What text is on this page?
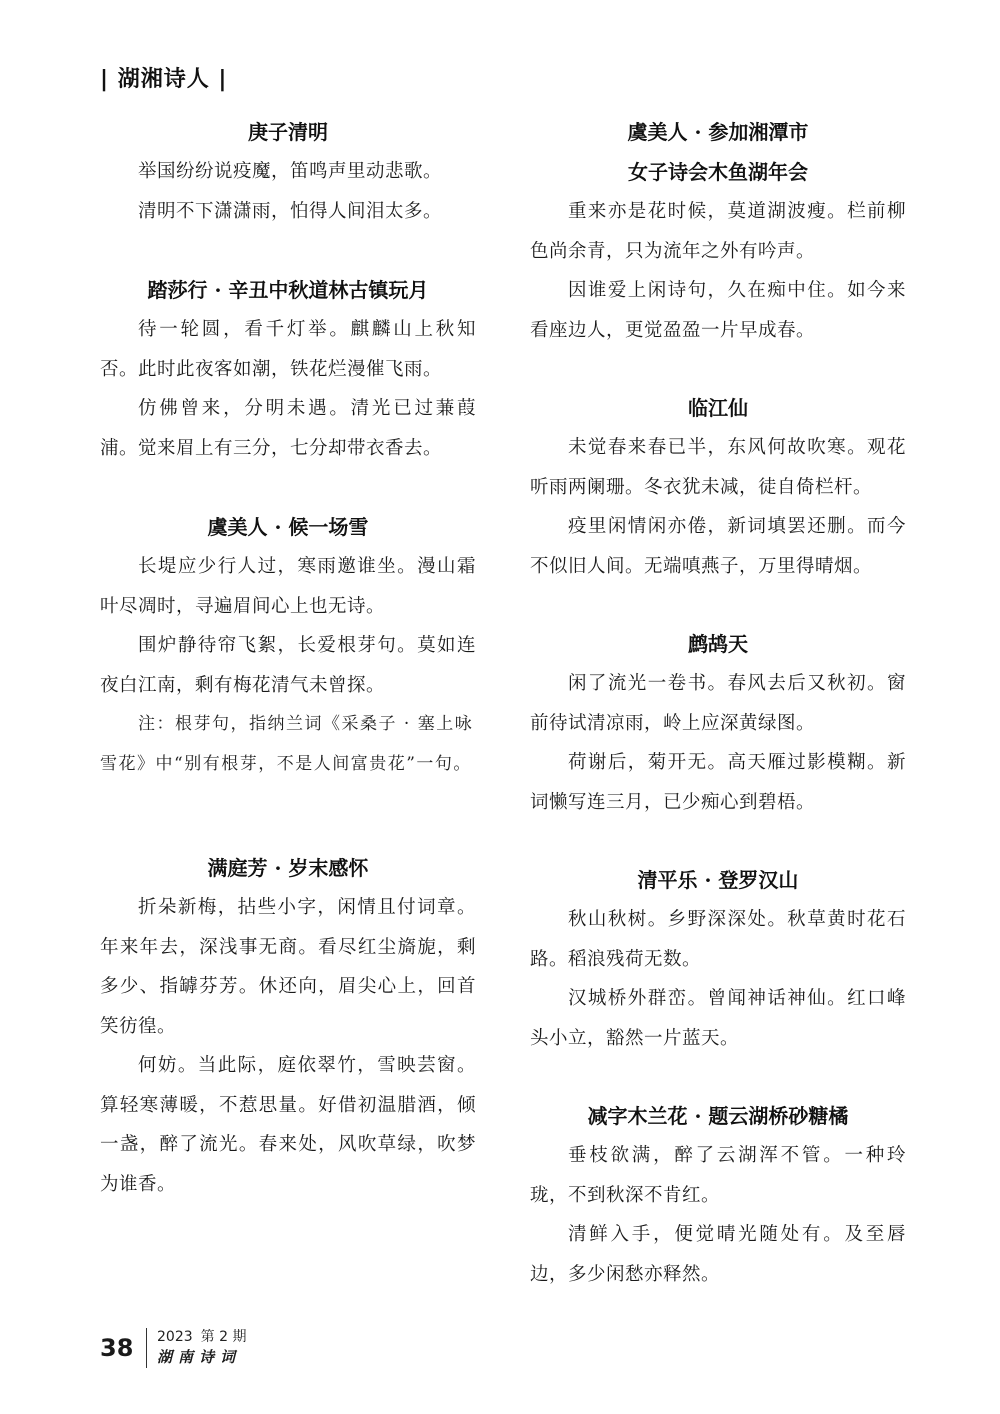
| 湖湘诗人 |
庚子清明

举国纷纷说疫魔，笛鸣声里动悲歌。

清明不下潇潇雨，怕得人间泪太多。

踏莎行 · 辛丑中秋道林古镇玩月

待一轮圆，看千灯举。麒麟山上秋知否。此时此夜客如潮，铁花烂漫催飞雨。

仿佛曾来，分明未遇。清光已过蒹葭浦。觉来眉上有三分，七分却带衣香去。

虞美人 · 候一场雪

长堤应少行人过，寒雨邀谁坐。漫山霜叶尽凋时，寻遍眉间心上也无诗。

围炉静待帘飞絮，长爱根芽句。莫如连夜白江南，剩有梅花清气未曾探。

注：根芽句，指纳兰词《采桑子 · 塞上咏雪花》中“别有根芽，不是人间富贵花”一句。

满庭芳 · 岁末感怀

折朵新梅，拈些小字，闲情且付词章。年来年去，深浅事无商。看尽红尘旖旎，剩多少、指罅芬芳。休还向，眉尖心上，回首笑彷徨。

何妨。当此际，庭依翠竹，雪映芸窗。算轻寒薄暖，不惹思量。好借初温腊酒，倾一盏，醉了流光。春来处，风吹草绿，吹梦为谁香。

虞美人 · 参加湘潭市
女子诗会木鱼湖年会

重来亦是花时候，莫道湖波瘦。栏前柳色尚余青，只为流年之外有吟声。

因谁爱上闲诗句，久在痴中住。如今来看座边人，更觉盈盈一片早成春。

临江仙

未觉春来春已半，东风何故吹寒。观花听雨两阑珊。冬衣犹未减，徒自倚栏杆。

疫里闲情闲亦倦，新词填罢还删。而今不似旧人间。无端嗔燕子，万里得晴烟。

鹧鸪天

闲了流光一卷书。春风去后又秋初。窗前待试清凉雨，岭上应深黄绿图。

荷谢后，菊开无。高天雁过影模糊。新词懒写连三月，已少痴心到碧梧。

清平乐 · 登罗汉山

秋山秋树。乡野深深处。秋草黄时花石路。稻浪残荷无数。

汉城桥外群峦。曾闻神话神仙。红口峰头小立，豁然一片蓝天。

减字木兰花 · 题云湖桥砂糖橘

垂枝欲满，醉了云湖浑不管。一种玲珑，不到秋深不肯红。

清鲜入手，便觉晴光随处有。及至唇边，多少闲愁亦释然。

38	2023 第 2 期
湖南诗词
